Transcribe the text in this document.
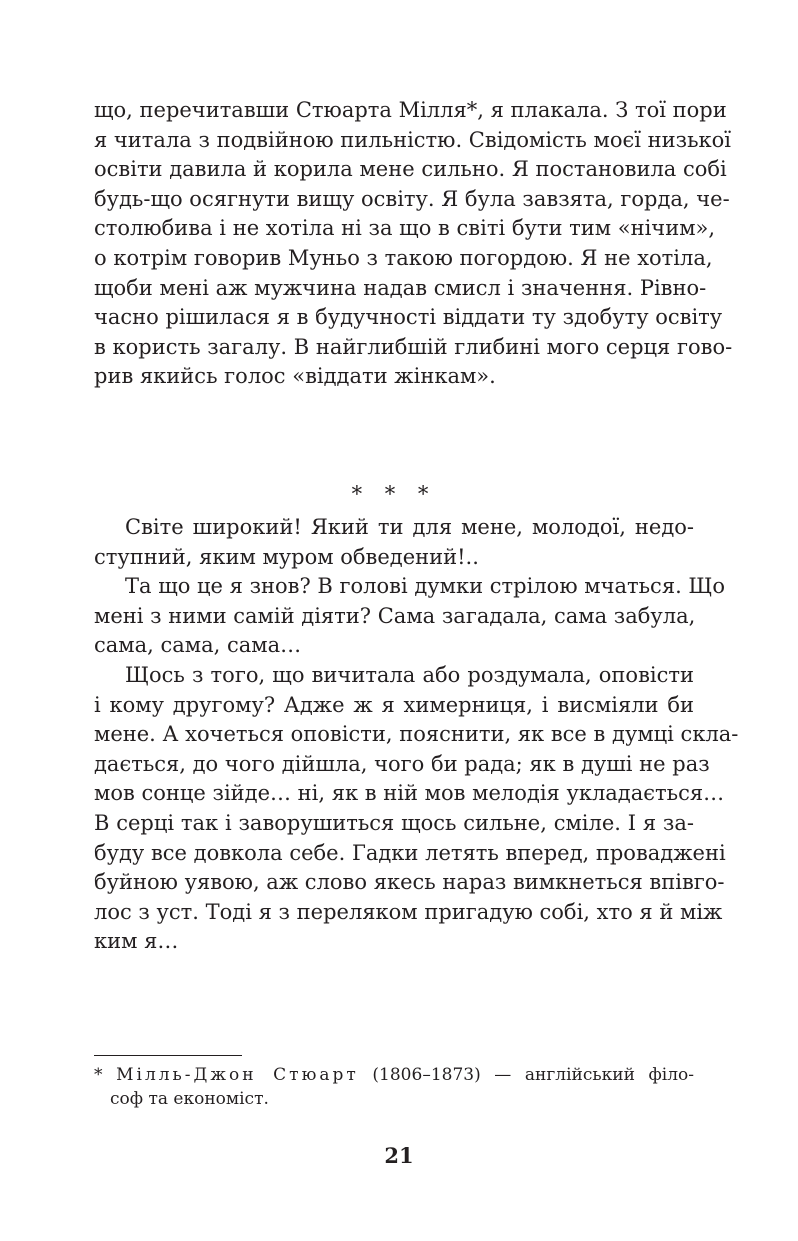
що, перечитавши Стюарта Мілля*, я плакала. З тої пори
я читала з подвійною пильністю. Свідомість моєї низької
освіти давила й корила мене сильно. Я постановила собі
будь-що осягнути вищу освіту. Я була завзята, горда, че-
столюбива і не хотіла ні за що в світі бути тим «нічим»,
о котрім говорив Муньо з такою погордою. Я не хотіла,
щоби мені аж мужчина надав смисл і значення. Рівно-
часно рішилася я в будучності віддати ту здобуту освіту
в користь загалу. В найглибшій глибині мого серця гово-
рив якийсь голос «віддати жінкам».
* * *
Світе широкий! Який ти для мене, молодої, недо-
ступний, яким муром обведений!..
Та що це я знов? В голові думки стрілою мчаться. Що
мені з ними самій діяти? Сама загадала, сама забула,
сама, сама, сама…
Щось з того, що вичитала або роздумала, оповісти
і кому другому? Адже ж я химерниця, і висміяли би
мене. А хочеться оповісти, пояснити, як все в думці скла-
дається, до чого дійшла, чого би рада; як в душі не раз
мов сонце зійде… ні, як в ній мов мелодія укладається…
В серці так і заворушиться щось сильне, сміле. І я за-
буду все довкола себе. Гадки летять вперед, проваджені
буйною уявою, аж слово якесь нараз вимкнеться впівго-
лос з уст. Тоді я з переляком пригадую собі, хто я й між
ким я…
* Мілль-Джон Стюарт (1806–1873) — англійський філо-
соф та економіст.
21
